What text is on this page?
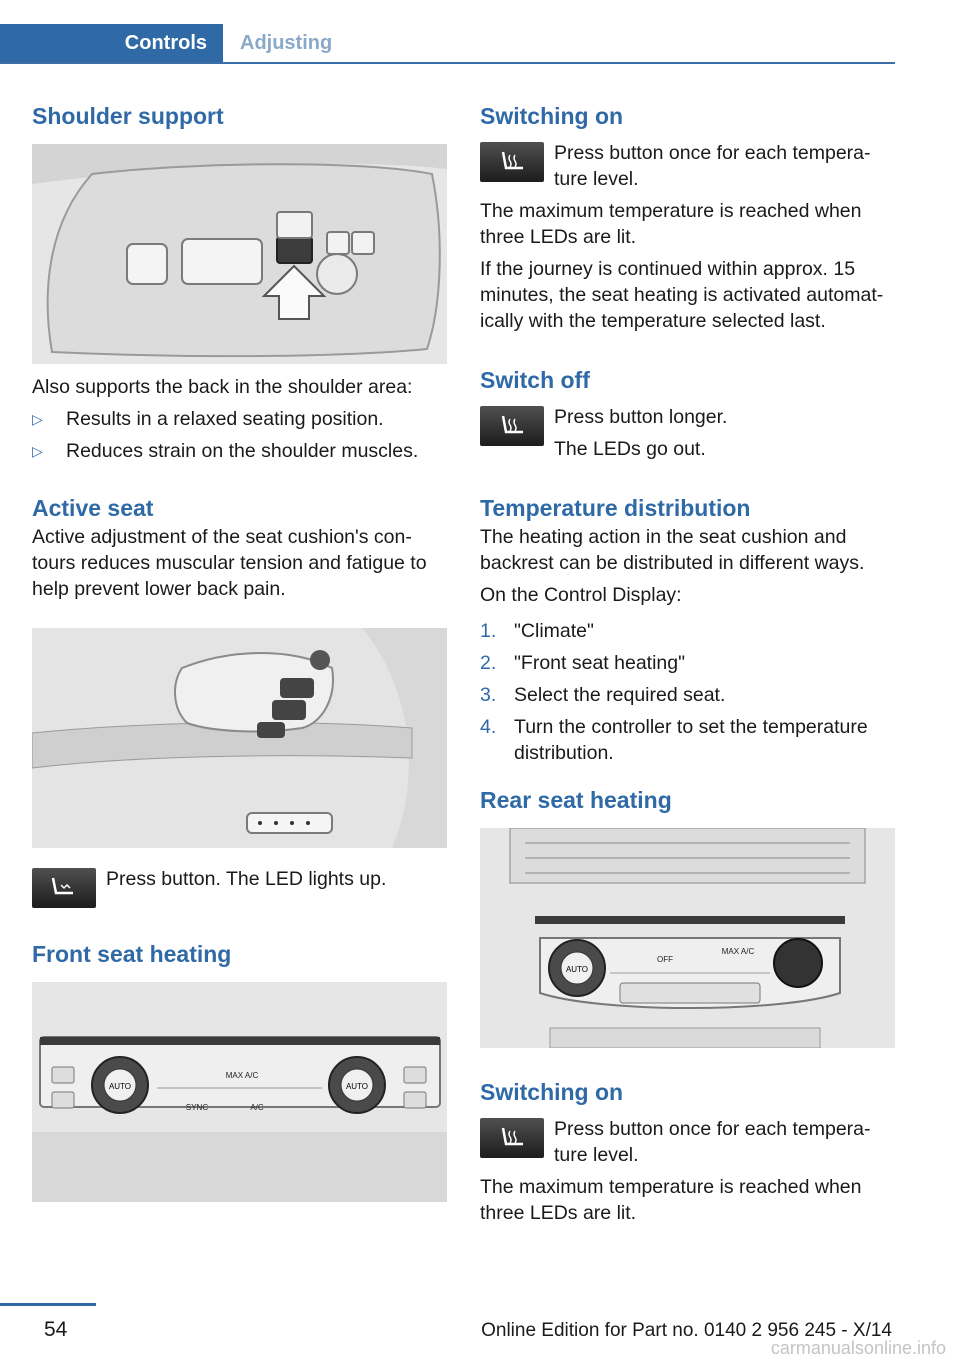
Controls	Adjusting
Shoulder support

Also supports the back in the shoulder area:

▷	Results in a relaxed seating position.
▷	Reduces strain on the shoulder muscles.
Active seat

Active adjustment of the seat cushion's con‐ tours reduces muscular tension and fatigue to help prevent lower back pain.

Press button. The LED lights up.

Front seat heating
AUTO	AUTO
MAX A/C
SYNC	A/C
Switching on

Press button once for each tempera‐ ture level.

The maximum temperature is reached when three LEDs are lit.

If the journey is continued within approx. 15 minutes, the seat heating is activated automat‐ ically with the temperature selected last.

Switch off

Press button longer.

The LEDs go out.

Temperature distribution

The heating action in the seat cushion and backrest can be distributed in different ways.

On the Control Display:

1. "Climate"
2. "Front seat heating"
3. Select the required seat.
4. Turn the controller to set the temperature distribution.
Rear seat heating
AUTO
OFF
MAX A/C
Switching on

Press button once for each tempera‐ ture level.

The maximum temperature is reached when three LEDs are lit.

54	Online Edition for Part no. 0140 2 956 245 - X/14
carmanualsonline.info
